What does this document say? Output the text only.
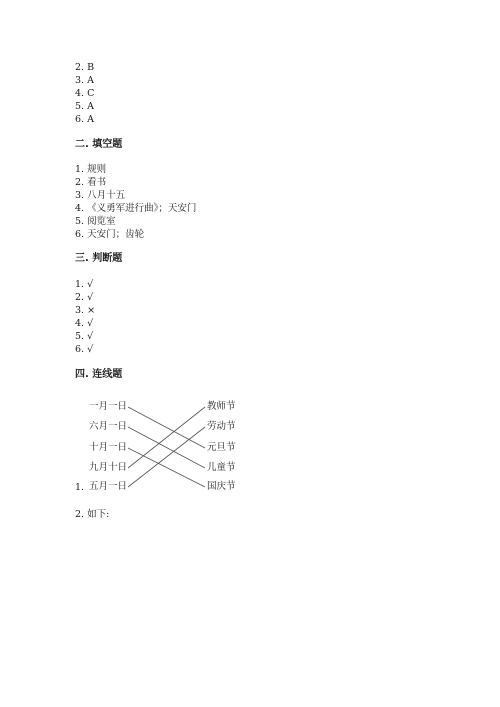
2. B
3. A
4. C
5. A
6. A
二. 填空题
1. 规则
2. 看书
3. 八月十五
4. 《义勇军进行曲》；天安门
5. 阅览室
6. 天安门；齿轮
三. 判断题
1. √
2. √
3. ×
4. √
5. √
6. √
四. 连线题
一月一日
六月一日
十月一日
九月十日
五月一日
教师节
劳动节
元旦节
儿童节
国庆节
1.
2. 如下:
